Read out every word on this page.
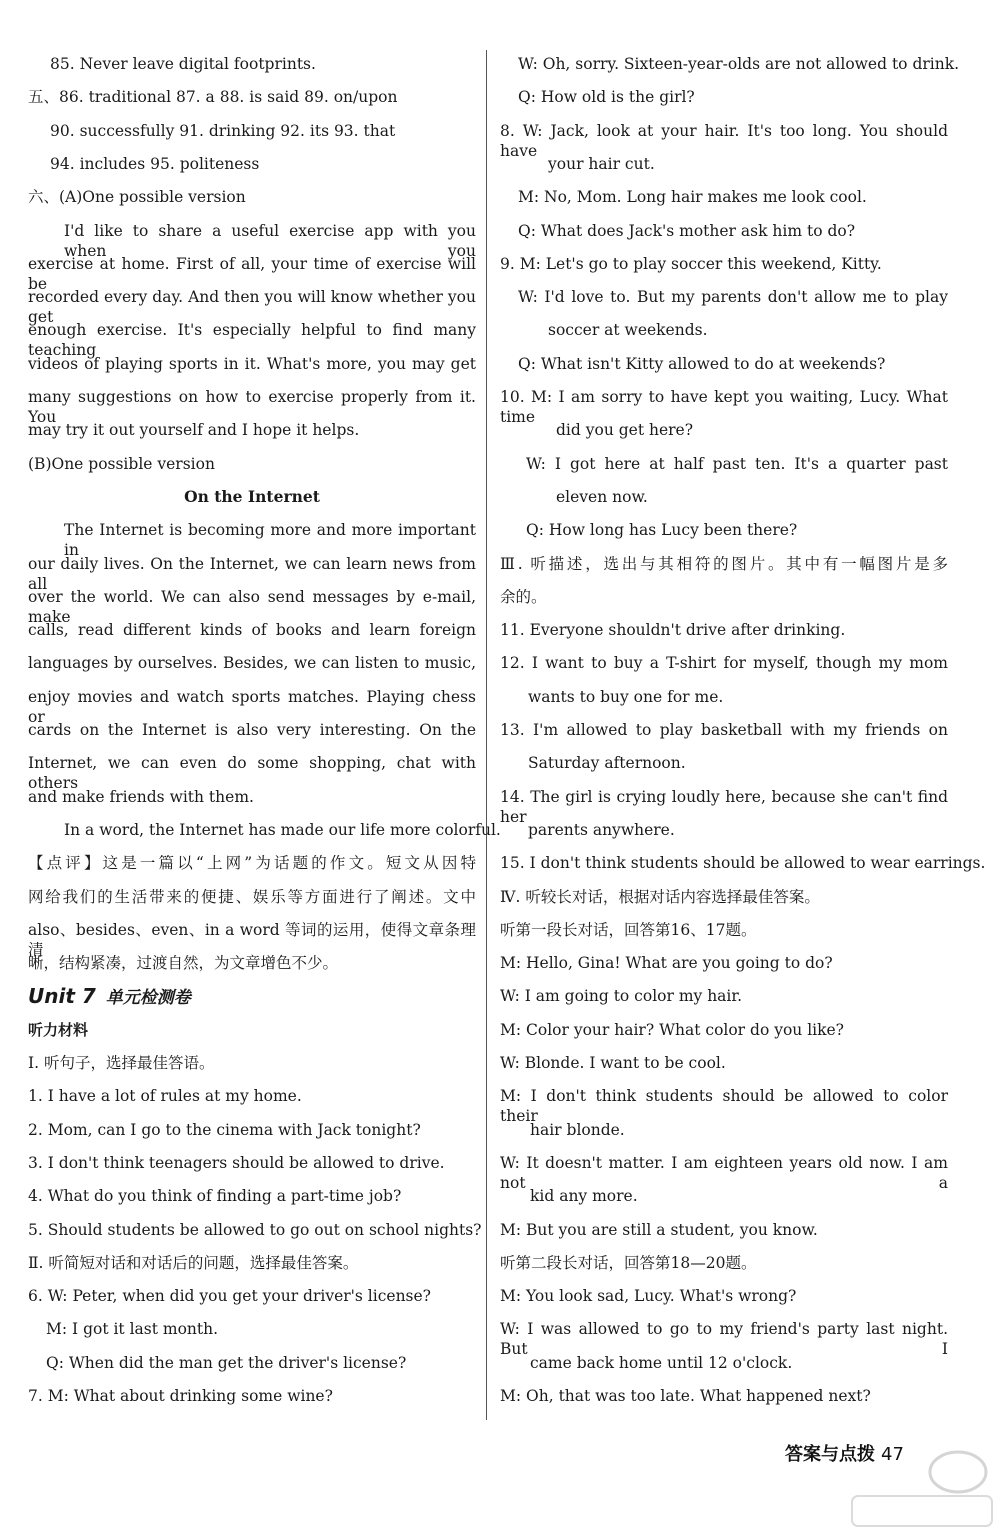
85. Never leave digital footprints.
五、86. traditional 87. a 88. is said 89. on/upon
90. successfully 91. drinking 92. its 93. that
94. includes 95. politeness
六、(A)One possible version
I'd like to share a useful exercise app with you when you
exercise at home. First of all, your time of exercise will be
recorded every day. And then you will know whether you get
enough exercise. It's especially helpful to find many teaching
videos of playing sports in it. What's more, you may get
many suggestions on how to exercise properly from it. You
may try it out yourself and I hope it helps.
(B)One possible version
On the Internet
The Internet is becoming more and more important in
our daily lives. On the Internet, we can learn news from all
over the world. We can also send messages by e-mail, make
calls, read different kinds of books and learn foreign
languages by ourselves. Besides, we can listen to music,
enjoy movies and watch sports matches. Playing chess or
cards on the Internet is also very interesting. On the
Internet, we can even do some shopping, chat with others
and make friends with them.
In a word, the Internet has made our life more colorful.
【点评】这是一篇以“上网”为话题的作文。短文从因特
网给我们的生活带来的便捷、娱乐等方面进行了阐述。文中
also、besides、even、in a word 等词的运用，使得文章条理清
晰，结构紧凑，过渡自然，为文章增色不少。
Unit 7 单元检测卷
听力材料
Ⅰ. 听句子，选择最佳答语。
1. I have a lot of rules at my home.
2. Mom, can I go to the cinema with Jack tonight?
3. I don't think teenagers should be allowed to drive.
4. What do you think of finding a part-time job?
5. Should students be allowed to go out on school nights?
Ⅱ. 听简短对话和对话后的问题，选择最佳答案。
6. W: Peter, when did you get your driver's license?
M: I got it last month.
Q: When did the man get the driver's license?
7. M: What about drinking some wine?
W: Oh, sorry. Sixteen-year-olds are not allowed to drink.
Q: How old is the girl?
8. W: Jack, look at your hair. It's too long. You should have
your hair cut.
M: No, Mom. Long hair makes me look cool.
Q: What does Jack's mother ask him to do?
9. M: Let's go to play soccer this weekend, Kitty.
W: I'd love to. But my parents don't allow me to play
soccer at weekends.
Q: What isn't Kitty allowed to do at weekends?
10. M: I am sorry to have kept you waiting, Lucy. What time
did you get here?
W: I got here at half past ten. It's a quarter past
eleven now.
Q: How long has Lucy been there?
Ⅲ. 听描述，选出与其相符的图片。其中有一幅图片是多
余的。
11. Everyone shouldn't drive after drinking.
12. I want to buy a T-shirt for myself, though my mom
wants to buy one for me.
13. I'm allowed to play basketball with my friends on
Saturday afternoon.
14. The girl is crying loudly here, because she can't find her
parents anywhere.
15. I don't think students should be allowed to wear earrings.
Ⅳ. 听较长对话，根据对话内容选择最佳答案。
听第一段长对话，回答第16、17题。
M: Hello, Gina! What are you going to do?
W: I am going to color my hair.
M: Color your hair? What color do you like?
W: Blonde. I want to be cool.
M: I don't think students should be allowed to color their
hair blonde.
W: It doesn't matter. I am eighteen years old now. I am not a
kid any more.
M: But you are still a student, you know.
听第二段长对话，回答第18—20题。
M: You look sad, Lucy. What's wrong?
W: I was allowed to go to my friend's party last night. But I
came back home until 12 o'clock.
M: Oh, that was too late. What happened next?
答案与点拨 47
